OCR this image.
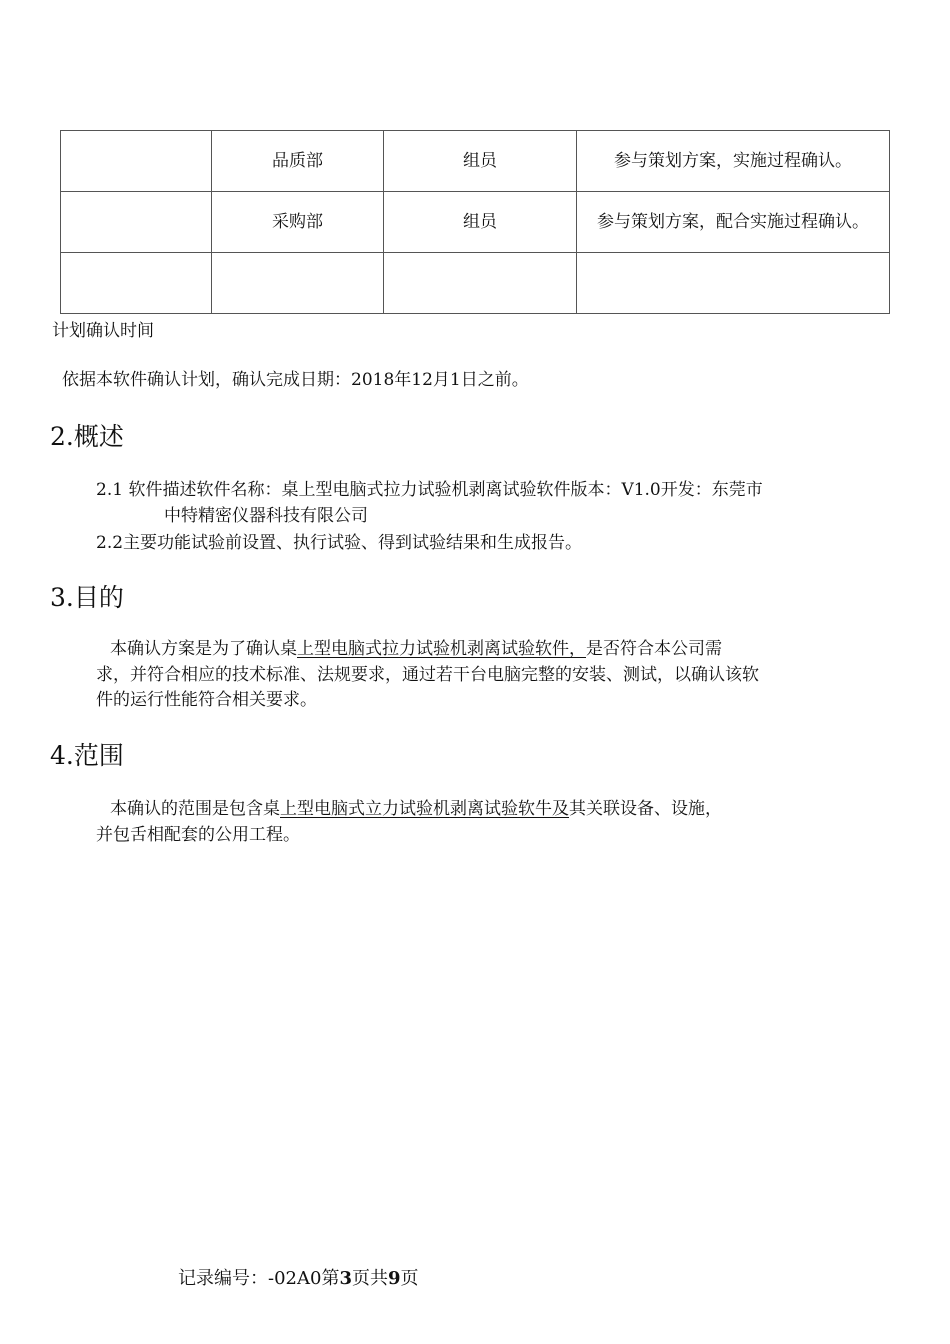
	品质部	组员	参与策划方案，实施过程确认。
	采购部	组员	参与策划方案，配合实施过程确认。

计划确认时间
依据本软件确认计划，确认完成日期：2018年12月1日之前。
2.概述
2.1 软件描述软件名称：桌上型电脑式拉力试验机剥离试验软件版本：V1.0开发：东莞市
中特精密仪器科技有限公司
2.2主要功能试验前设置、执行试验、得到试验结果和生成报告。
3.目的
本确认方案是为了确认桌上型电脑式拉力试验机剥离试验软件，是否符合本公司需
求，并符合相应的技术标准、法规要求，通过若干台电脑完整的安装、测试，以确认该软
件的运行性能符合相关要求。
4.范围
本确认的范围是包含桌上型电脑式立力试验机剥离试验软牛及其关联设备、设施，
并包舌相配套的公用工程。
记录编号：-02A0第3页共9页
